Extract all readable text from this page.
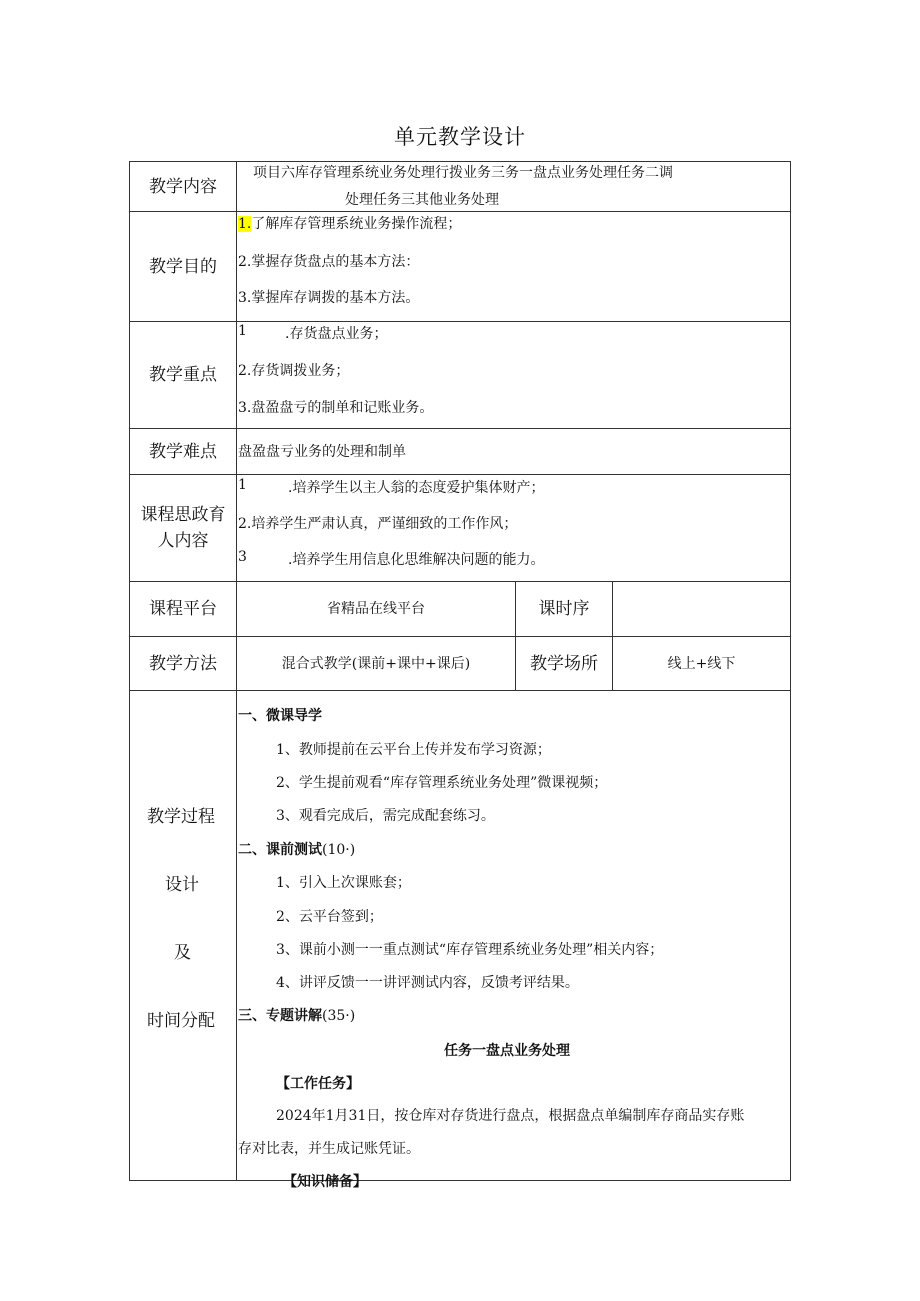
单元教学设计
教学内容
项目六库存管理系统业务处理行拨业务三务一盘点业务处理任务二调
处理任务三其他业务处理
教学目的
1.了解库存管理系统业务操作流程；
2.掌握存货盘点的基本方法：
3.掌握库存调拨的基本方法。
教学重点
1	.存货盘点业务；
2.存货调拨业务；
3.盘盈盘亏的制单和记账业务。
教学难点 盘盈盘亏业务的处理和制单
课程思政育
人内容
1	.培养学生以主人翁的态度爱护集体财产；
2.培养学生严肃认真，严谨细致的工作作风；
3	.培养学生用信息化思维解决问题的能力。
课程平台	省精品在线平台	课时序
教学方法	混合式教学(课前+课中+课后)	教学场所	线上+线下
教学过程
设计
及
时间分配
一、微课导学
1、教师提前在云平台上传并发布学习资源；
2、学生提前观看“库存管理系统业务处理”微课视频；
3、观看完成后，需完成配套练习。
二、课前测试(10·)
1、引入上次课账套；
2、云平台签到；
3、课前小测一一重点测试“库存管理系统业务处理”相关内容；
4、讲评反馈一一讲评测试内容，反馈考评结果。
三、专题讲解(35·)
任务一盘点业务处理
【工作任务】
2024年1月31日，按仓库对存货进行盘点，根据盘点单编制库存商品实存账
存对比表，并生成记账凭证。
【知识储备】
